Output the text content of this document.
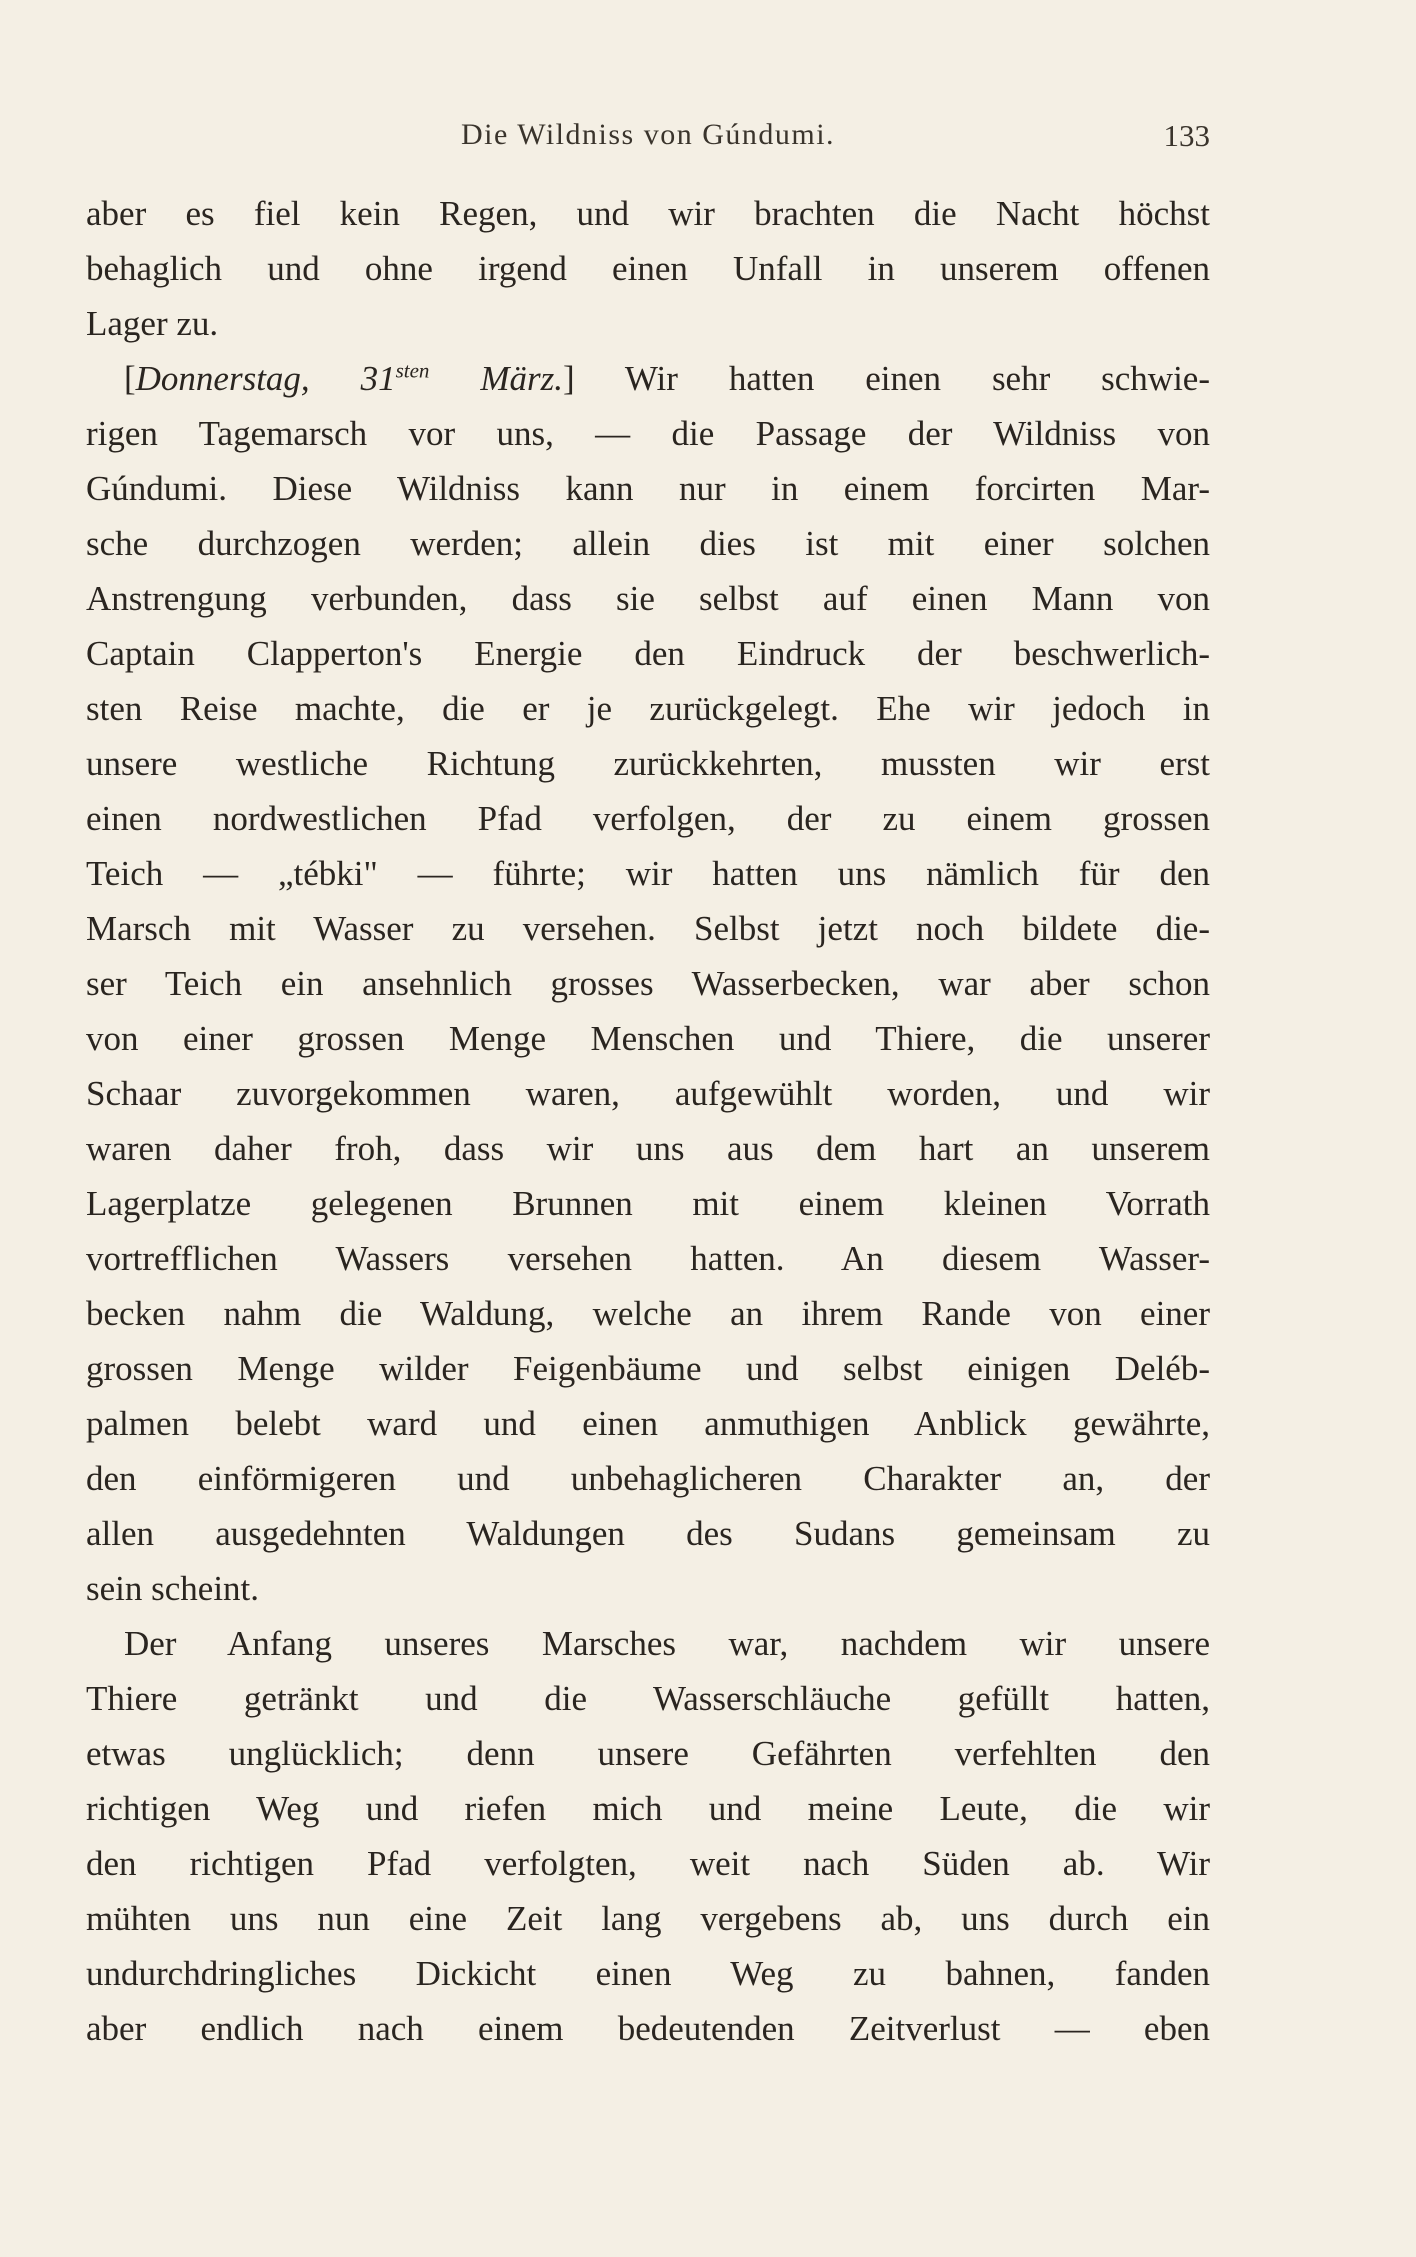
Die Wildniss von Gúndumi.	133
aber es fiel kein Regen, und wir brachten die Nacht höchst
behaglich und ohne irgend einen Unfall in unserem offenen
Lager zu.
[Donnerstag, $31^{sten}$ März.] Wir hatten einen sehr schwie-
rigen Tagemarsch vor uns, — die Passage der Wildniss von
Gúndumi. Diese Wildniss kann nur in einem forcirten Mar-
sche durchzogen werden; allein dies ist mit einer solchen
Anstrengung verbunden, dass sie selbst auf einen Mann von
Captain Clapperton's Energie den Eindruck der beschwerlich-
sten Reise machte, die er je zurückgelegt. Ehe wir jedoch in
unsere westliche Richtung zurückkehrten, mussten wir erst
einen nordwestlichen Pfad verfolgen, der zu einem grossen
Teich — „tébki" — führte; wir hatten uns nämlich für den
Marsch mit Wasser zu versehen. Selbst jetzt noch bildete die-
ser Teich ein ansehnlich grosses Wasserbecken, war aber schon
von einer grossen Menge Menschen und Thiere, die unserer
Schaar zuvorgekommen waren, aufgewühlt worden, und wir
waren daher froh, dass wir uns aus dem hart an unserem
Lagerplatze gelegenen Brunnen mit einem kleinen Vorrath
vortrefflichen Wassers versehen hatten. An diesem Wasser-
becken nahm die Waldung, welche an ihrem Rande von einer
grossen Menge wilder Feigenbäume und selbst einigen Deléb-
palmen belebt ward und einen anmuthigen Anblick gewährte,
den einförmigeren und unbehaglicheren Charakter an, der
allen ausgedehnten Waldungen des Sudans gemeinsam zu
sein scheint.
Der Anfang unseres Marsches war, nachdem wir unsere
Thiere getränkt und die Wasserschläuche gefüllt hatten,
etwas unglücklich; denn unsere Gefährten verfehlten den
richtigen Weg und riefen mich und meine Leute, die wir
den richtigen Pfad verfolgten, weit nach Süden ab. Wir
mühten uns nun eine Zeit lang vergebens ab, uns durch ein
undurchdringliches Dickicht einen Weg zu bahnen, fanden
aber endlich nach einem bedeutenden Zeitverlust — eben
